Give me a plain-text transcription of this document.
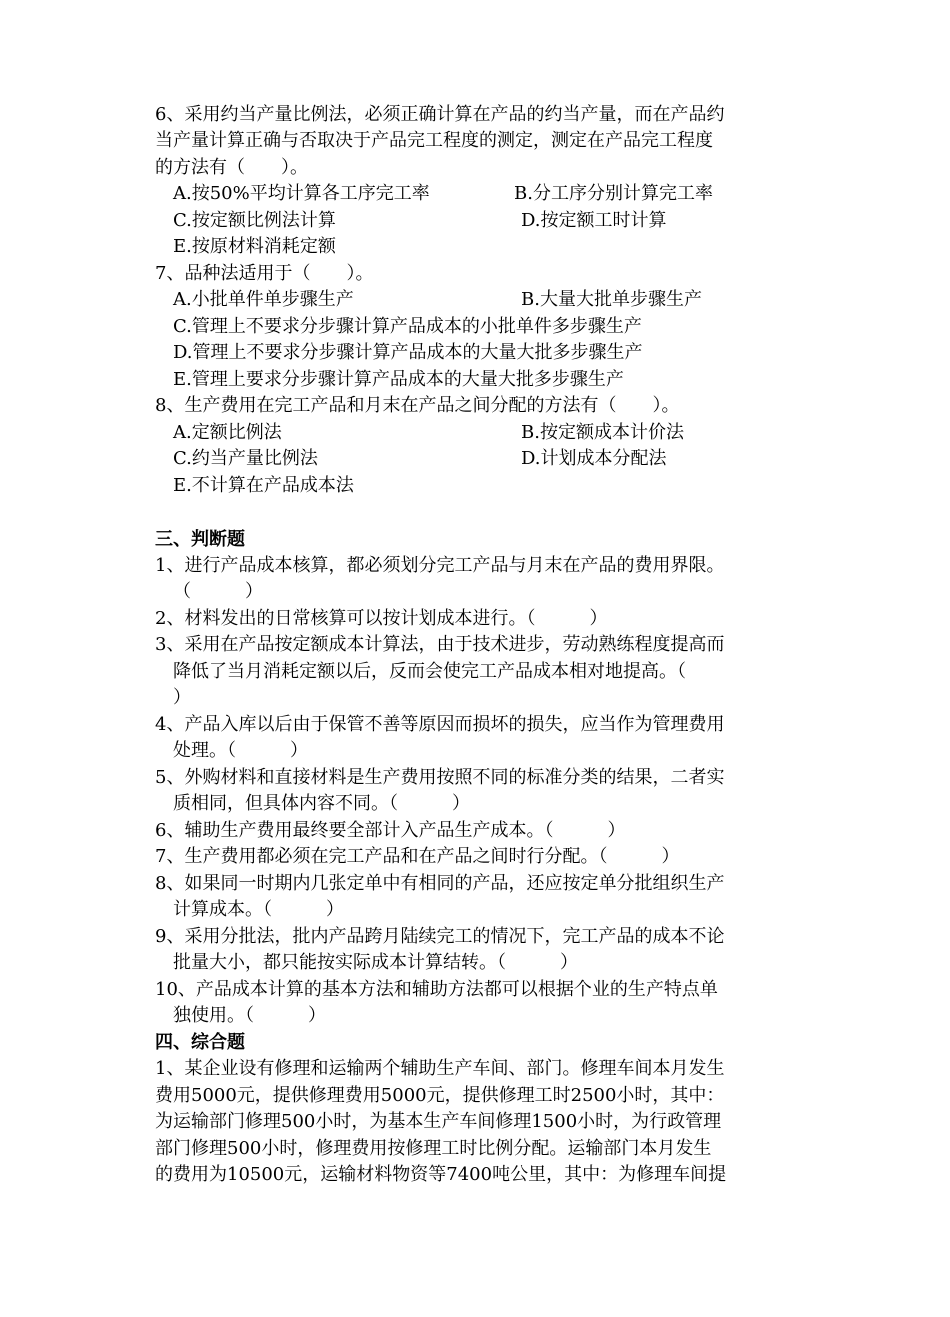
6、采用约当产量比例法，必须正确计算在产品的约当产量，而在产品约
当产量计算正确与否取决于产品完工程度的测定，测定在产品完工程度
的方法有（　　）。
A.按50%平均计算各工序完工率	B.分工序分别计算完工率
C.按定额比例法计算	D.按定额工时计算
E.按原材料消耗定额
7、品种法适用于（　　）。
A.小批单件单步骤生产	B.大量大批单步骤生产
C.管理上不要求分步骤计算产品成本的小批单件多步骤生产
D.管理上不要求分步骤计算产品成本的大量大批多步骤生产
E.管理上要求分步骤计算产品成本的大量大批多步骤生产
8、生产费用在完工产品和月末在产品之间分配的方法有（　　）。
A.定额比例法	B.按定额成本计价法
C.约当产量比例法	D.计划成本分配法
E.不计算在产品成本法
三、判断题
1、进行产品成本核算，都必须划分完工产品与月末在产品的费用界限。
（　　　）
2、材料发出的日常核算可以按计划成本进行。（　　　）
3、采用在产品按定额成本计算法，由于技术进步，劳动熟练程度提高而
降低了当月消耗定额以后，反而会使完工产品成本相对地提高。（
）
4、产品入库以后由于保管不善等原因而损坏的损失，应当作为管理费用
处理。（　　　）
5、外购材料和直接材料是生产费用按照不同的标准分类的结果，二者实
质相同，但具体内容不同。（　　　）
6、辅助生产费用最终要全部计入产品生产成本。（　　　）
7、生产费用都必须在完工产品和在产品之间时行分配。（　　　）
8、如果同一时期内几张定单中有相同的产品，还应按定单分批组织生产
计算成本。（　　　）
9、采用分批法，批内产品跨月陆续完工的情况下，完工产品的成本不论
批量大小，都只能按实际成本计算结转。（　　　）
10、产品成本计算的基本方法和辅助方法都可以根据个业的生产特点单
独使用。（　　　）
四、综合题
1、某企业设有修理和运输两个辅助生产车间、部门。修理车间本月发生
费用5000元，提供修理费用5000元，提供修理工时2500小时，其中：
为运输部门修理500小时，为基本生产车间修理1500小时，为行政管理
部门修理500小时，修理费用按修理工时比例分配。运输部门本月发生
的费用为10500元，运输材料物资等7400吨公里，其中：为修理车间提
